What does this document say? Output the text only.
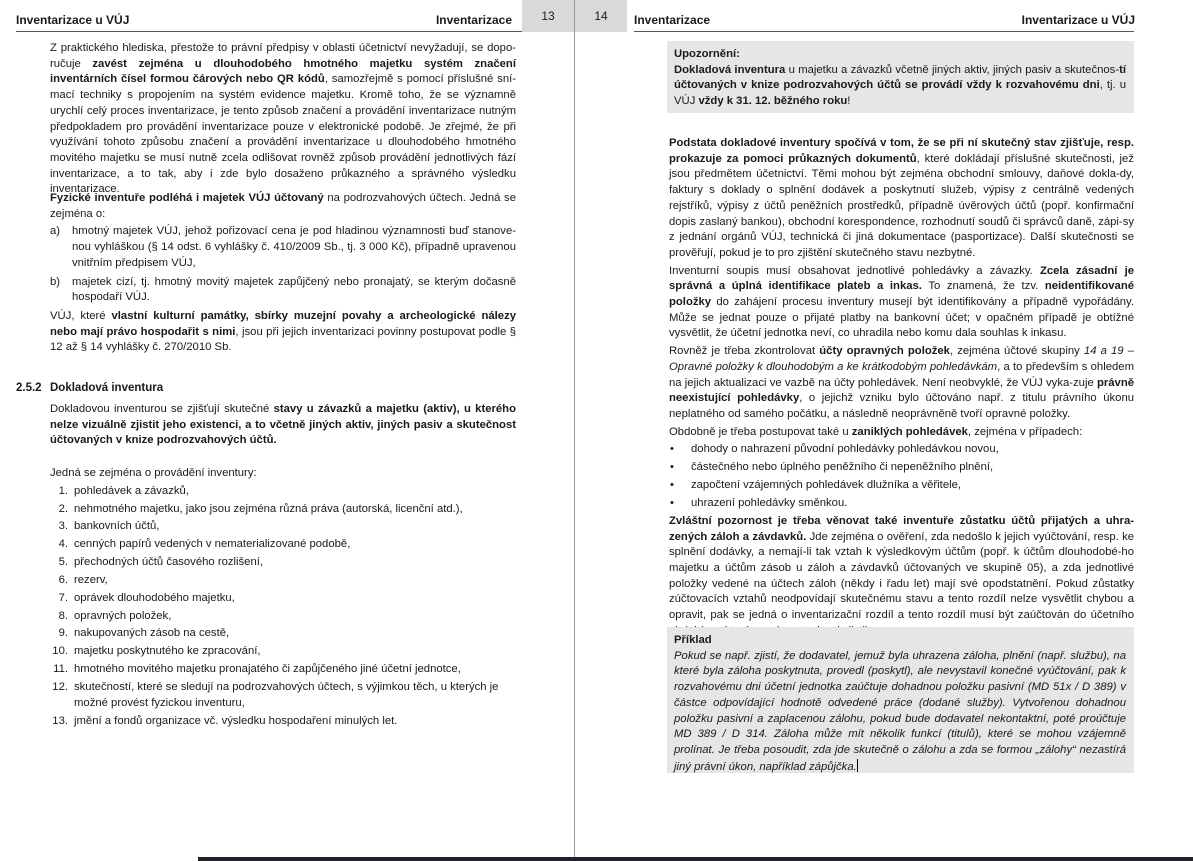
Inventarizace u VÚJ	Inventarizace	13

Z praktického hlediska, přestože to právní předpisy v oblasti účetnictví nevyžadují, se dopo-ručuje zavést zejména u dlouhodobého hmotného majetku systém značení inventárních čísel formou čárových nebo QR kódů, samozřejmě s pomocí příslušné sní-mací techniky s propojením na systém evidence majetku. Kromě toho, že se významně urychlí celý proces inventarizace, je tento způsob značení a provádění inventarizace nutným předpokladem pro provádění inventarizace pouze v elektronické podobě. Je zřejmé, že při využívání tohoto způsobu značení a provádění inventarizace u dlouhodobého hmotného movitého majetku se musí nutně zcela odlišovat rovněž způsob provádění jednotlivých fází inventarizace, a to tak, aby i zde bylo dosaženo průkazného a správného výsledku inventarizace.

Fyzické inventuře podléhá i majetek VÚJ účtovaný na podrozvahových účtech. Jedná se zejména o:

a) hmotný majetek VÚJ, jehož pořizovací cena je pod hladinou významnosti buď stanove-nou vyhláškou (§ 14 odst. 6 vyhlášky č. 410/2009 Sb., tj. 3 000 Kč), případně upravenou vnitřním předpisem VÚJ,
b) majetek cizí, tj. hmotný movitý majetek zapůjčený nebo pronajatý, se kterým dočasně hospodaří VÚJ.

VÚJ, které vlastní kulturní památky, sbírky muzejní povahy a archeologické nálezy nebo mají právo hospodařit s nimi, jsou při jejich inventarizaci povinny postupovat podle § 12 až § 14 vyhlášky č. 270/2010 Sb.

2.5.2 Dokladová inventura

Dokladovou inventurou se zjišťují skutečné stavy u závazků a majetku (aktiv), u kterého nelze vizuálně zjistit jeho existenci, a to včetně jiných aktiv, jiných pasiv a skutečnost účtovaných v knize podrozvahových účtů.

Jedná se zejména o provádění inventury:

1. pohledávek a závazků,
2. nehmotného majetku, jako jsou zejména různá práva (autorská, licenční atd.),
3. bankovních účtů,
4. cenných papírů vedených v nematerializované podobě,
5. přechodných účtů časového rozlišení,
6. rezerv,
7. oprávek dlouhodobého majetku,
8. opravných položek,
9. nakupovaných zásob na cestě,
10. majetku poskytnutého ke zpracování,
11. hmotného movitého majetku pronajatého či zapůjčeného jiné účetní jednotce,
12. skutečností, které se sledují na podrozvahových účtech, s výjimkou těch, u kterých je možné provést fyzickou inventuru,
13. jmění a fondů organizace vč. výsledku hospodaření minulých let.
14	Inventarizace	Inventarizace u VÚJ
Upozornění:
Dokladová inventura u majetku a závazků včetně jiných aktiv, jiných pasiv a skutečnos-tí účtovaných v knize podrozvahových účtů se provádí vždy k rozvahovému dni, tj. u VÚJ vždy k 31. 12. běžného roku!

Podstata dokladové inventury spočívá v tom, že se při ní skutečný stav zjišťuje, resp. prokazuje za pomoci průkazných dokumentů, které dokládají příslušné skutečnosti, jež jsou předmětem účetnictví. Těmi mohou být zejména obchodní smlouvy, daňové dokla-dy, faktury s doklady o splnění dodávek a poskytnutí služeb, výpisy z centrálně vedených rejstříků, výpisy z účtů peněžních prostředků, případně úvěrových účtů (popř. konfirmační dopis zaslaný bankou), obchodní korespondence, rozhodnutí soudů či správců daně, zápi-sy z jednání orgánů VÚJ, technická či jiná dokumentace (pasportizace). Další skutečnosti se prověřují, pokud je to pro zjištění skutečného stavu nezbytné.

Inventurní soupis musí obsahovat jednotlivé pohledávky a závazky. Zcela zásadní je správná a úplná identifikace plateb a inkas. To znamená, že tzv. neidentifikované položky do zahájení procesu inventury musejí být identifikovány a případně vypořádány. Může se jednat pouze o přijaté platby na bankovní účet; v opačném případě je obtížné vysvětlit, že účetní jednotka neví, co uhradila nebo komu dala souhlas k inkasu.

Rovněž je třeba zkontrolovat účty opravných položek, zejména účtové skupiny 14 a 19 – Opravné položky k dlouhodobým a ke krátkodobým pohledávkám, a to především s ohledem na jejich aktualizaci ve vazbě na účty pohledávek. Není neobvyklé, že VÚJ vyka-zuje právně neexistující pohledávky, o jejichž vzniku bylo účtováno např. z titulu právního úkonu neplatného od samého počátku, a následně neoprávněně tvoří opravné položky.

Obdobně je třeba postupovat také u zaniklých pohledávek, zejména v případech:

• dohody o nahrazení původní pohledávky pohledávkou novou,
• částečného nebo úplného peněžního či nepeněžního plnění,
• započtení vzájemných pohledávek dlužníka a věřitele,
• uhrazení pohledávky směnkou.

Zvláštní pozornost je třeba věnovat také inventuře zůstatku účtů přijatých a uhra-zených záloh a závdavků. Jde zejména o ověření, zda nedošlo k jejich vyúčtování, resp. ke splnění dodávky, a nemají-li tak vztah k výsledkovým účtům (popř. k účtům dlouhodobé-ho majetku a účtům zásob u záloh a závdavků účtovaných ve skupině 05), a zda jednotlivé položky vedené na účtech záloh (někdy i řadu let) mají své opodstatnění. Pokud zůstatky zúčtovacích vztahů neodpovídají skutečnému stavu a tento rozdíl nelze vysvětlit chybou a opravit, pak se jedná o inventarizační rozdíl a tento rozdíl musí být zaúčtován do účetního

Příklad
Pokud se např. zjistí, že dodavatel, jemuž byla uhrazena záloha, plnění (např. službu), na které byla záloha poskytnuta, provedl (poskytl), ale nevystavil konečné vyúčtování, pak k rozvahovému dni účetní jednotka zaúčtuje dohadnou položku pasivní (MD 51x / D 389) v částce odpovídající hodnotě odvedené práce (dodané služby). Vytvořenou dohadnou položku pasivní a zaplacenou zálohu, pokud bude dodavatel nekontaktní, poté proúčtuje MD 389 / D 314. Záloha může mít několik funkcí (titulů), které se mohou vzájemně prolínat. Je třeba posoudit, zda jde skutečně o zálohu a zda se formou „zálohy“ nezastírá jiný právní úkon, například zápůjčka.
